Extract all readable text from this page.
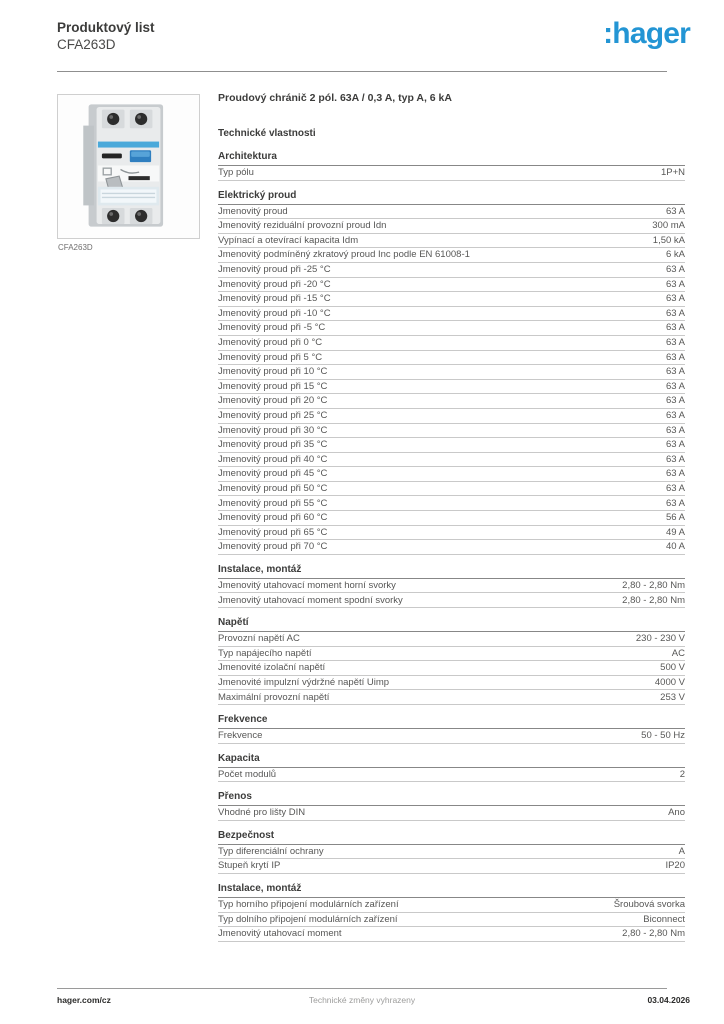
Produktový list
CFA263D	:hager
CFA263D
Proudový chránič 2 pól. 63A / 0,3 A, typ A, 6 kA
Technické vlastnosti
Architektura
Typ pólu	1P+N
Elektrický proud
Jmenovitý proud	63 A
Jmenovitý reziduální provozní proud Idn	300 mA
Vypínací a otevírací kapacita Idm	1,50 kA
Jmenovitý podmíněný zkratový proud Inc podle EN 61008-1	6 kA
Jmenovitý proud při -25 °C	63 A
Jmenovitý proud při -20 °C	63 A
Jmenovitý proud při -15 °C	63 A
Jmenovitý proud při -10 °C	63 A
Jmenovitý proud při -5 °C	63 A
Jmenovitý proud při 0 °C	63 A
Jmenovitý proud při 5 °C	63 A
Jmenovitý proud při 10 °C	63 A
Jmenovitý proud při 15 °C	63 A
Jmenovitý proud při 20 °C	63 A
Jmenovitý proud při 25 °C	63 A
Jmenovitý proud při 30 °C	63 A
Jmenovitý proud při 35 °C	63 A
Jmenovitý proud při 40 °C	63 A
Jmenovitý proud při 45 °C	63 A
Jmenovitý proud při 50 °C	63 A
Jmenovitý proud při 55 °C	63 A
Jmenovitý proud při 60 °C	56 A
Jmenovitý proud při 65 °C	49 A
Jmenovitý proud při 70 °C	40 A
Instalace, montáž
Jmenovitý utahovací moment horní svorky	2,80 - 2,80 Nm
Jmenovitý utahovací moment spodní svorky	2,80 - 2,80 Nm
Napětí
Provozní napětí AC	230 - 230 V
Typ napájecího napětí	AC
Jmenovité izolační napětí	500 V
Jmenovité impulzní výdržné napětí Uimp	4000 V
Maximální provozní napětí	253 V
Frekvence
Frekvence	50 - 50 Hz
Kapacita
Počet modulů	2
Přenos
Vhodné pro lišty DIN	Ano
Bezpečnost
Typ diferenciální ochrany	A
Stupeň krytí IP	IP20
Instalace, montáž
Typ horního připojení modulárních zařízení	Šroubová svorka
Typ dolního připojení modulárních zařízení	Biconnect
Jmenovitý utahovací moment	2,80 - 2,80 Nm
hager.com/cz	Technické změny vyhrazeny	03.04.2026
